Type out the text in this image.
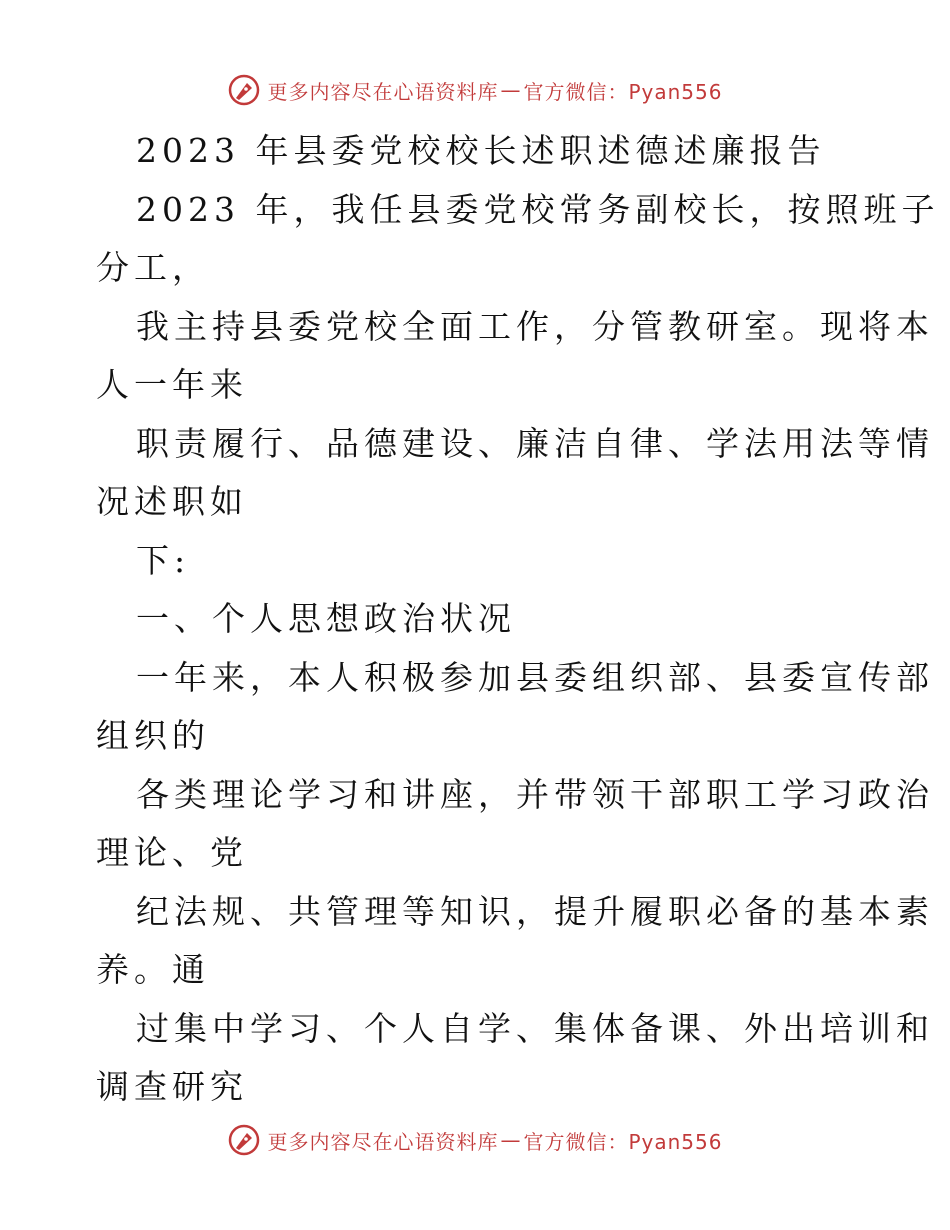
更多内容尽在心语资料库 — 官方微信：Pyan556
2023 年县委党校校长述职述德述廉报告
2023 年，我任县委党校常务副校长，按照班子
分工，
我主持县委党校全面工作，分管教研室。现将本
人一年来
职责履行、品德建设、廉洁自律、学法用法等情
况述职如
下:
一、个人思想政治状况
一年来，本人积极参加县委组织部、县委宣传部
组织的
各类理论学习和讲座，并带领干部职工学习政治
理论、党
纪法规、共管理等知识，提升履职必备的基本素
养。通
过集中学习、个人自学、集体备课、外出培训和
调查研究
更多内容尽在心语资料库 — 官方微信：Pyan556
